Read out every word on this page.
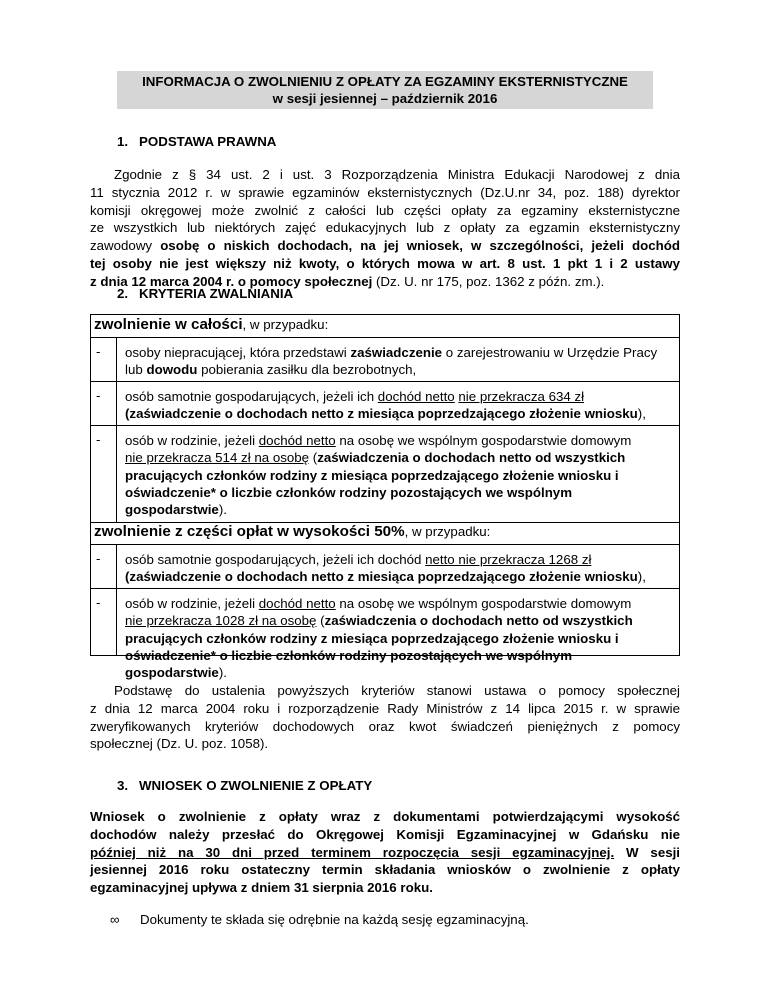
INFORMACJA O ZWOLNIENIU Z OPŁATY ZA EGZAMINY EKSTERNISTYCZNE
w sesji jesiennej – październik 2016
1. PODSTAWA PRAWNA
Zgodnie z § 34 ust. 2 i ust. 3 Rozporządzenia Ministra Edukacji Narodowej z dnia
11 stycznia 2012 r. w sprawie egzaminów eksternistycznych (Dz.U.nr 34, poz. 188) dyrektor
komisji okręgowej może zwolnić z całości lub części opłaty za egzaminy eksternistyczne
ze wszystkich lub niektórych zajęć edukacyjnych lub z opłaty za egzamin eksternistyczny
zawodowy osobę o niskich dochodach, na jej wniosek, w szczególności, jeżeli dochód
tej osoby nie jest większy niż kwoty, o których mowa w art. 8 ust. 1 pkt 1 i 2 ustawy
z dnia 12 marca 2004 r. o pomocy społecznej (Dz. U. nr 175, poz. 1362 z późn. zm.).
2. KRYTERIA ZWALNIANIA
zwolnienie w całości, w przypadku:
-	osoby niepracującej, która przedstawi zaświadczenie o zarejestrowaniu w Urzędzie Pracy
lub dowodu pobierania zasiłku dla bezrobotnych,
-	osób samotnie gospodarujących, jeżeli ich dochód netto nie przekracza 634 zł
(zaświadczenie o dochodach netto z miesiąca poprzedzającego złożenie wniosku),
-	osób w rodzinie, jeżeli dochód netto na osobę we wspólnym gospodarstwie domowym
nie przekracza 514 zł na osobę (zaświadczenia o dochodach netto od wszystkich
pracujących członków rodziny z miesiąca poprzedzającego złożenie wniosku i
oświadczenie* o liczbie członków rodziny pozostających we wspólnym
gospodarstwie).
zwolnienie z części opłat w wysokości 50%, w przypadku:
-	osób samotnie gospodarujących, jeżeli ich dochód netto nie przekracza 1268 zł
(zaświadczenie o dochodach netto z miesiąca poprzedzającego złożenie wniosku),
-	osób w rodzinie, jeżeli dochód netto na osobę we wspólnym gospodarstwie domowym
nie przekracza 1028 zł na osobę (zaświadczenia o dochodach netto od wszystkich
pracujących członków rodziny z miesiąca poprzedzającego złożenie wniosku i
oświadczenie* o liczbie członków rodziny pozostających we wspólnym
gospodarstwie).
Podstawę do ustalenia powyższych kryteriów stanowi ustawa o pomocy społecznej
z dnia 12 marca 2004 roku i rozporządzenie Rady Ministrów z 14 lipca 2015 r. w sprawie
zweryfikowanych kryteriów dochodowych oraz kwot świadczeń pieniężnych z pomocy
społecznej (Dz. U. poz. 1058).
3. WNIOSEK O ZWOLNIENIE Z OPŁATY
Wniosek o zwolnienie z opłaty wraz z dokumentami potwierdzającymi wysokość
dochodów należy przesłać do Okręgowej Komisji Egzaminacyjnej w Gdańsku nie
później niż na 30 dni przed terminem rozpoczęcia sesji egzaminacyjnej. W sesji
jesiennej 2016 roku ostateczny termin składania wniosków o zwolnienie z opłaty
egzaminacyjnej upływa z dniem 31 sierpnia 2016 roku.
∞ Dokumenty te składa się odrębnie na każdą sesję egzaminacyjną.
